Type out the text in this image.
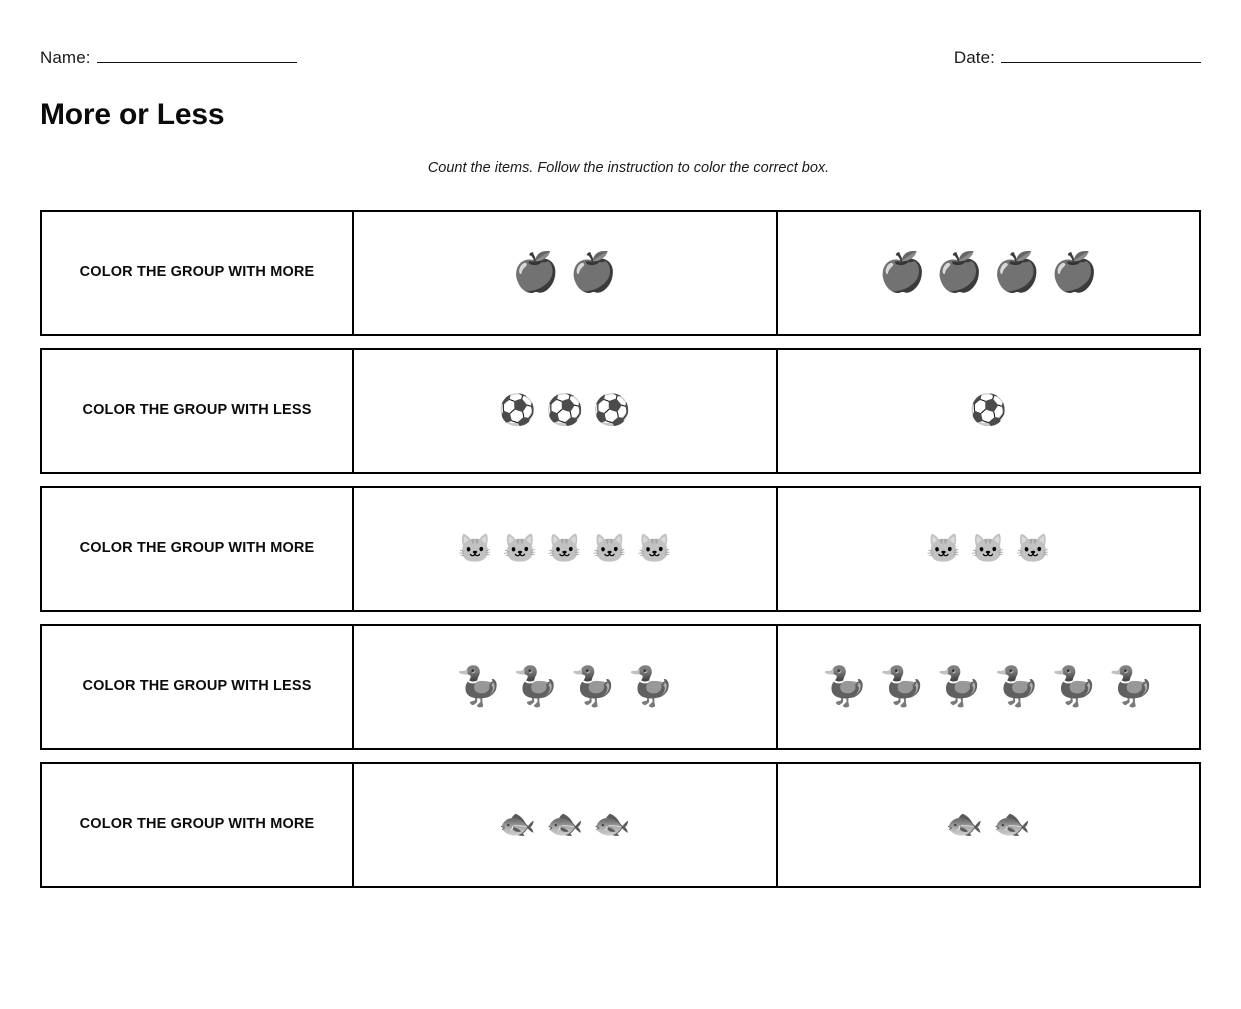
Name:	Date:
More or Less
Count the items. Follow the instruction to color the correct box.
COLOR THE GROUP WITH MORE	🍎 🍎	🍎 🍎 🍎 🍎
COLOR THE GROUP WITH LESS	⚽ ⚽ ⚽	⚽
COLOR THE GROUP WITH MORE	🐱 🐱 🐱 🐱 🐱	🐱 🐱 🐱
COLOR THE GROUP WITH LESS	🦆 🦆 🦆 🦆	🦆 🦆 🦆 🦆 🦆 🦆
COLOR THE GROUP WITH MORE	🐟 🐟 🐟	🐟 🐟
